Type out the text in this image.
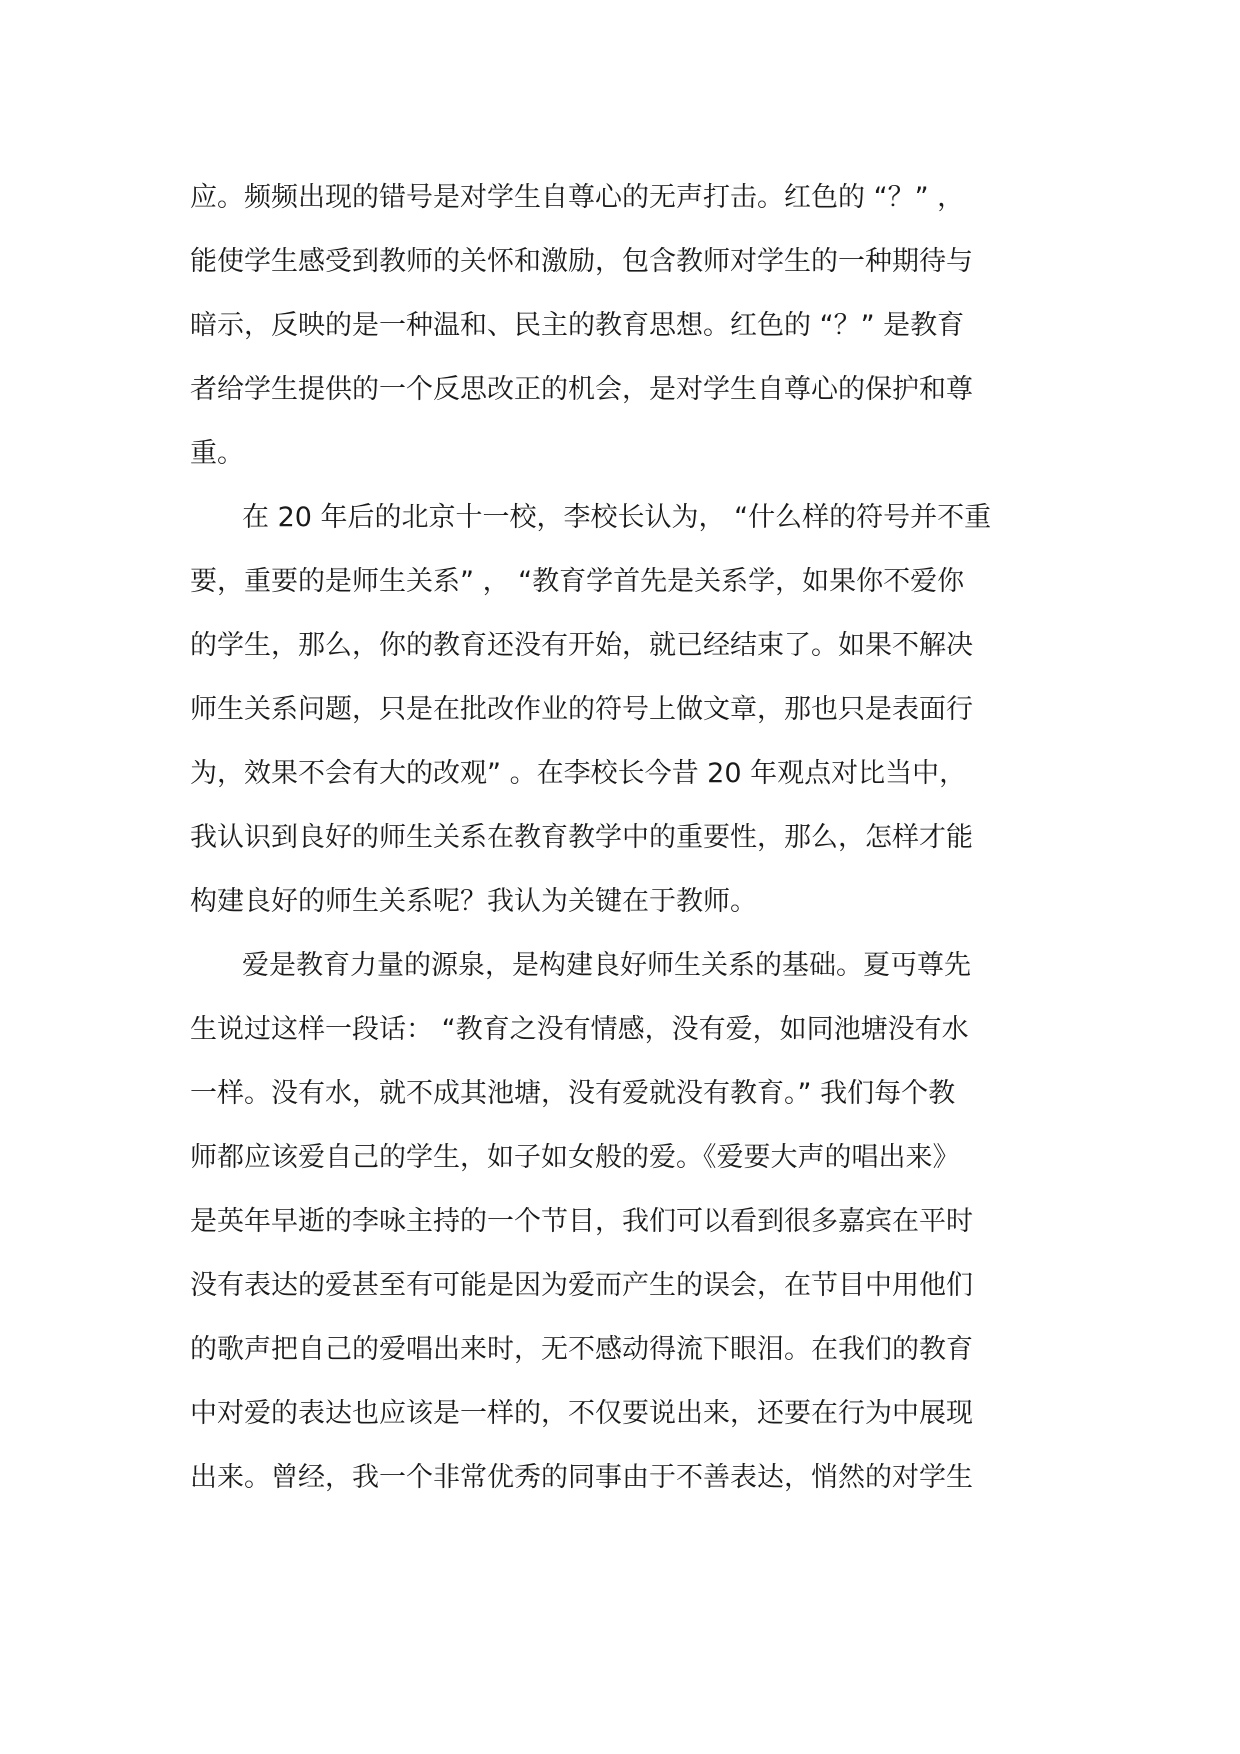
应。频频出现的错号是对学生自尊心的无声打击。红色的 “？” ，
能使学生感受到教师的关怀和激励，包含教师对学生的一种期待与
暗示，反映的是一种温和、民主的教育思想。红色的 “？” 是教育
者给学生提供的一个反思改正的机会，是对学生自尊心的保护和尊
重。
在 20 年后的北京十一校，李校长认为， “什么样的符号并不重
要，重要的是师生关系” ， “教育学首先是关系学，如果你不爱你
的学生，那么，你的教育还没有开始，就已经结束了。如果不解决
师生关系问题，只是在批改作业的符号上做文章，那也只是表面行
为，效果不会有大的改观” 。在李校长今昔 20 年观点对比当中，
我认识到良好的师生关系在教育教学中的重要性，那么，怎样才能
构建良好的师生关系呢？我认为关键在于教师。
爱是教育力量的源泉，是构建良好师生关系的基础。夏丏尊先
生说过这样一段话： “教育之没有情感，没有爱，如同池塘没有水
一样。没有水，就不成其池塘，没有爱就没有教育。” 我们每个教
师都应该爱自己的学生，如子如女般的爱。《爱要大声的唱出来》
是英年早逝的李咏主持的一个节目，我们可以看到很多嘉宾在平时
没有表达的爱甚至有可能是因为爱而产生的误会，在节目中用他们
的歌声把自己的爱唱出来时，无不感动得流下眼泪。在我们的教育
中对爱的表达也应该是一样的，不仅要说出来，还要在行为中展现
出来。曾经，我一个非常优秀的同事由于不善表达，悄然的对学生
